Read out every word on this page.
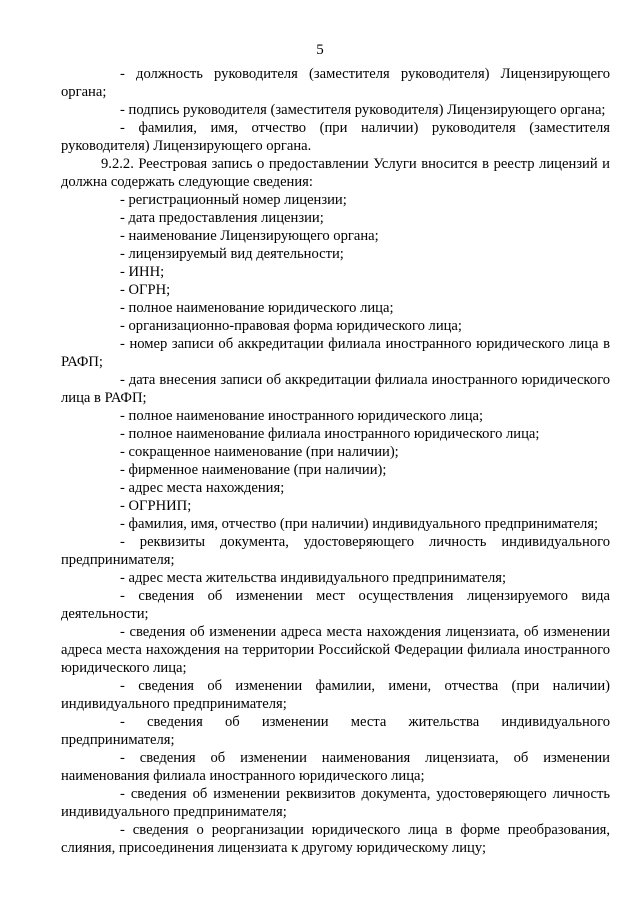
5

- должность руководителя (заместителя руководителя) Лицензирующего органа;

- подпись руководителя (заместителя руководителя) Лицензирующего органа;

- фамилия, имя, отчество (при наличии) руководителя (заместителя руководителя) Лицензирующего органа.

9.2.2. Реестровая запись о предоставлении Услуги вносится в реестр лицензий и должна содержать следующие сведения:

- регистрационный номер лицензии;

- дата предоставления лицензии;

- наименование Лицензирующего органа;

- лицензируемый вид деятельности;

- ИНН;

- ОГРН;

- полное наименование юридического лица;

- организационно-правовая форма юридического лица;

- номер записи об аккредитации филиала иностранного юридического лица в РАФП;

- дата внесения записи об аккредитации филиала иностранного юридического лица в РАФП;

- полное наименование иностранного юридического лица;

- полное наименование филиала иностранного юридического лица;

- сокращенное наименование (при наличии);

- фирменное наименование (при наличии);

- адрес места нахождения;

- ОГРНИП;

- фамилия, имя, отчество (при наличии) индивидуального предпринимателя;

- реквизиты документа, удостоверяющего личность индивидуального предпринимателя;

- адрес места жительства индивидуального предпринимателя;

- сведения об изменении мест осуществления лицензируемого вида деятельности;

- сведения об изменении адреса места нахождения лицензиата, об изменении адреса места нахождения на территории Российской Федерации филиала иностранного юридического лица;

- сведения об изменении фамилии, имени, отчества (при наличии) индивидуального предпринимателя;

- сведения об изменении места жительства индивидуального предпринимателя;

- сведения об изменении наименования лицензиата, об изменении наименования филиала иностранного юридического лица;

- сведения об изменении реквизитов документа, удостоверяющего личность индивидуального предпринимателя;

- сведения о реорганизации юридического лица в форме преобразования, слияния, присоединения лицензиата к другому юридическому лицу;
